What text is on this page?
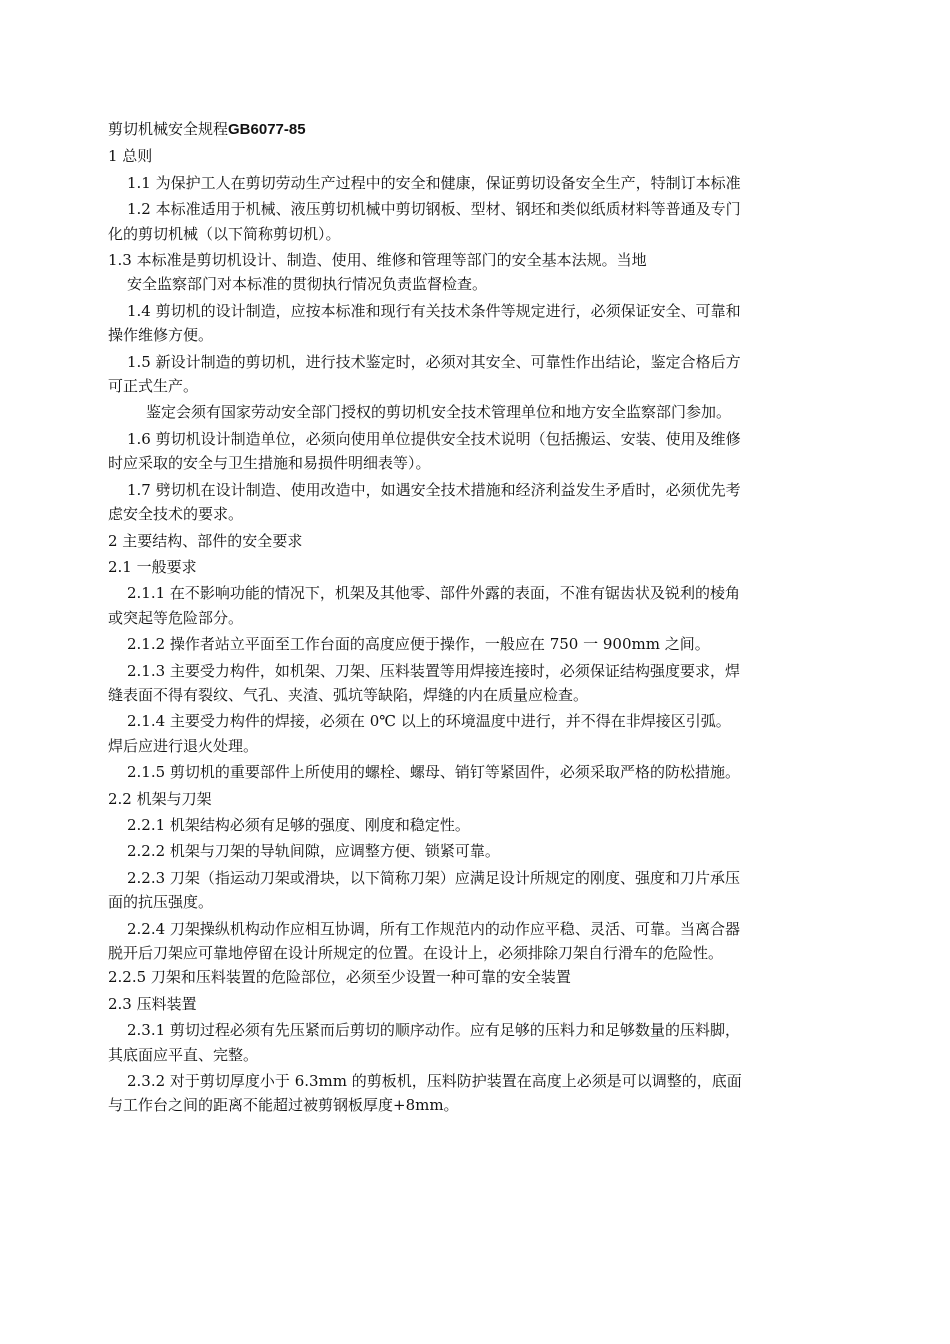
剪切机械安全规程GB6077-85

1 总则

1.1 为保护工人在剪切劳动生产过程中的安全和健康，保证剪切设备安全生产，特制订本标准

1.2 本标准适用于机械、液压剪切机械中剪切钢板、型材、钢坯和类似纸质材料等普通及专门化的剪切机械（以下简称剪切机）。

1.3 本标准是剪切机设计、制造、使用、维修和管理等部门的安全基本法规。当地
安全监察部门对本标准的贯彻执行情况负责监督检查。

1.4 剪切机的设计制造，应按本标准和现行有关技术条件等规定进行，必须保证安全、可靠和操作维修方便。

1.5 新设计制造的剪切机，进行技术鉴定时，必须对其安全、可靠性作出结论，鉴定合格后方可正式生产。

鉴定会须有国家劳动安全部门授权的剪切机安全技术管理单位和地方安全监察部门参加。

1.6 剪切机设计制造单位，必须向使用单位提供安全技术说明（包括搬运、安装、使用及维修时应采取的安全与卫生措施和易损件明细表等）。

1.7 劈切机在设计制造、使用改造中，如遇安全技术措施和经济利益发生矛盾时，必须优先考虑安全技术的要求。

2 主要结构、部件的安全要求

2.1 一般要求

2.1.1 在不影响功能的情况下，机架及其他零、部件外露的表面，不准有锯齿状及锐利的棱角或突起等危险部分。

2.1.2 操作者站立平面至工作台面的高度应便于操作，一般应在 750 一 900mm 之间。

2.1.3 主要受力构件，如机架、刀架、压料装置等用焊接连接时，必须保证结构强度要求，焊缝表面不得有裂纹、气孔、夹渣、弧坑等缺陷，焊缝的内在质量应检查。

2.1.4 主要受力构件的焊接，必须在 0℃ 以上的环境温度中进行，并不得在非焊接区引弧。焊后应进行退火处理。

2.1.5 剪切机的重要部件上所使用的螺栓、螺母、销钉等紧固件，必须采取严格的防松措施。

2.2 机架与刀架

2.2.1 机架结构必须有足够的强度、刚度和稳定性。

2.2.2 机架与刀架的导轨间隙，应调整方便、锁紧可靠。

2.2.3 刀架（指运动刀架或滑块，以下简称刀架）应满足设计所规定的刚度、强度和刀片承压面的抗压强度。

2.2.4 刀架操纵机构动作应相互协调，所有工作规范内的动作应平稳、灵活、可靠。当离合器脱开后刀架应可靠地停留在设计所规定的位置。在设计上，必须排除刀架自行滑车的危险性。2.2.5 刀架和压料装置的危险部位，必须至少设置一种可靠的安全装置

2.3 压料装置

2.3.1 剪切过程必须有先压紧而后剪切的顺序动作。应有足够的压料力和足够数量的压料脚，其底面应平直、完整。

2.3.2 对于剪切厚度小于 6.3mm 的剪板机，压料防护装置在高度上必须是可以调整的，底面与工作台之间的距离不能超过被剪钢板厚度+8mm。
